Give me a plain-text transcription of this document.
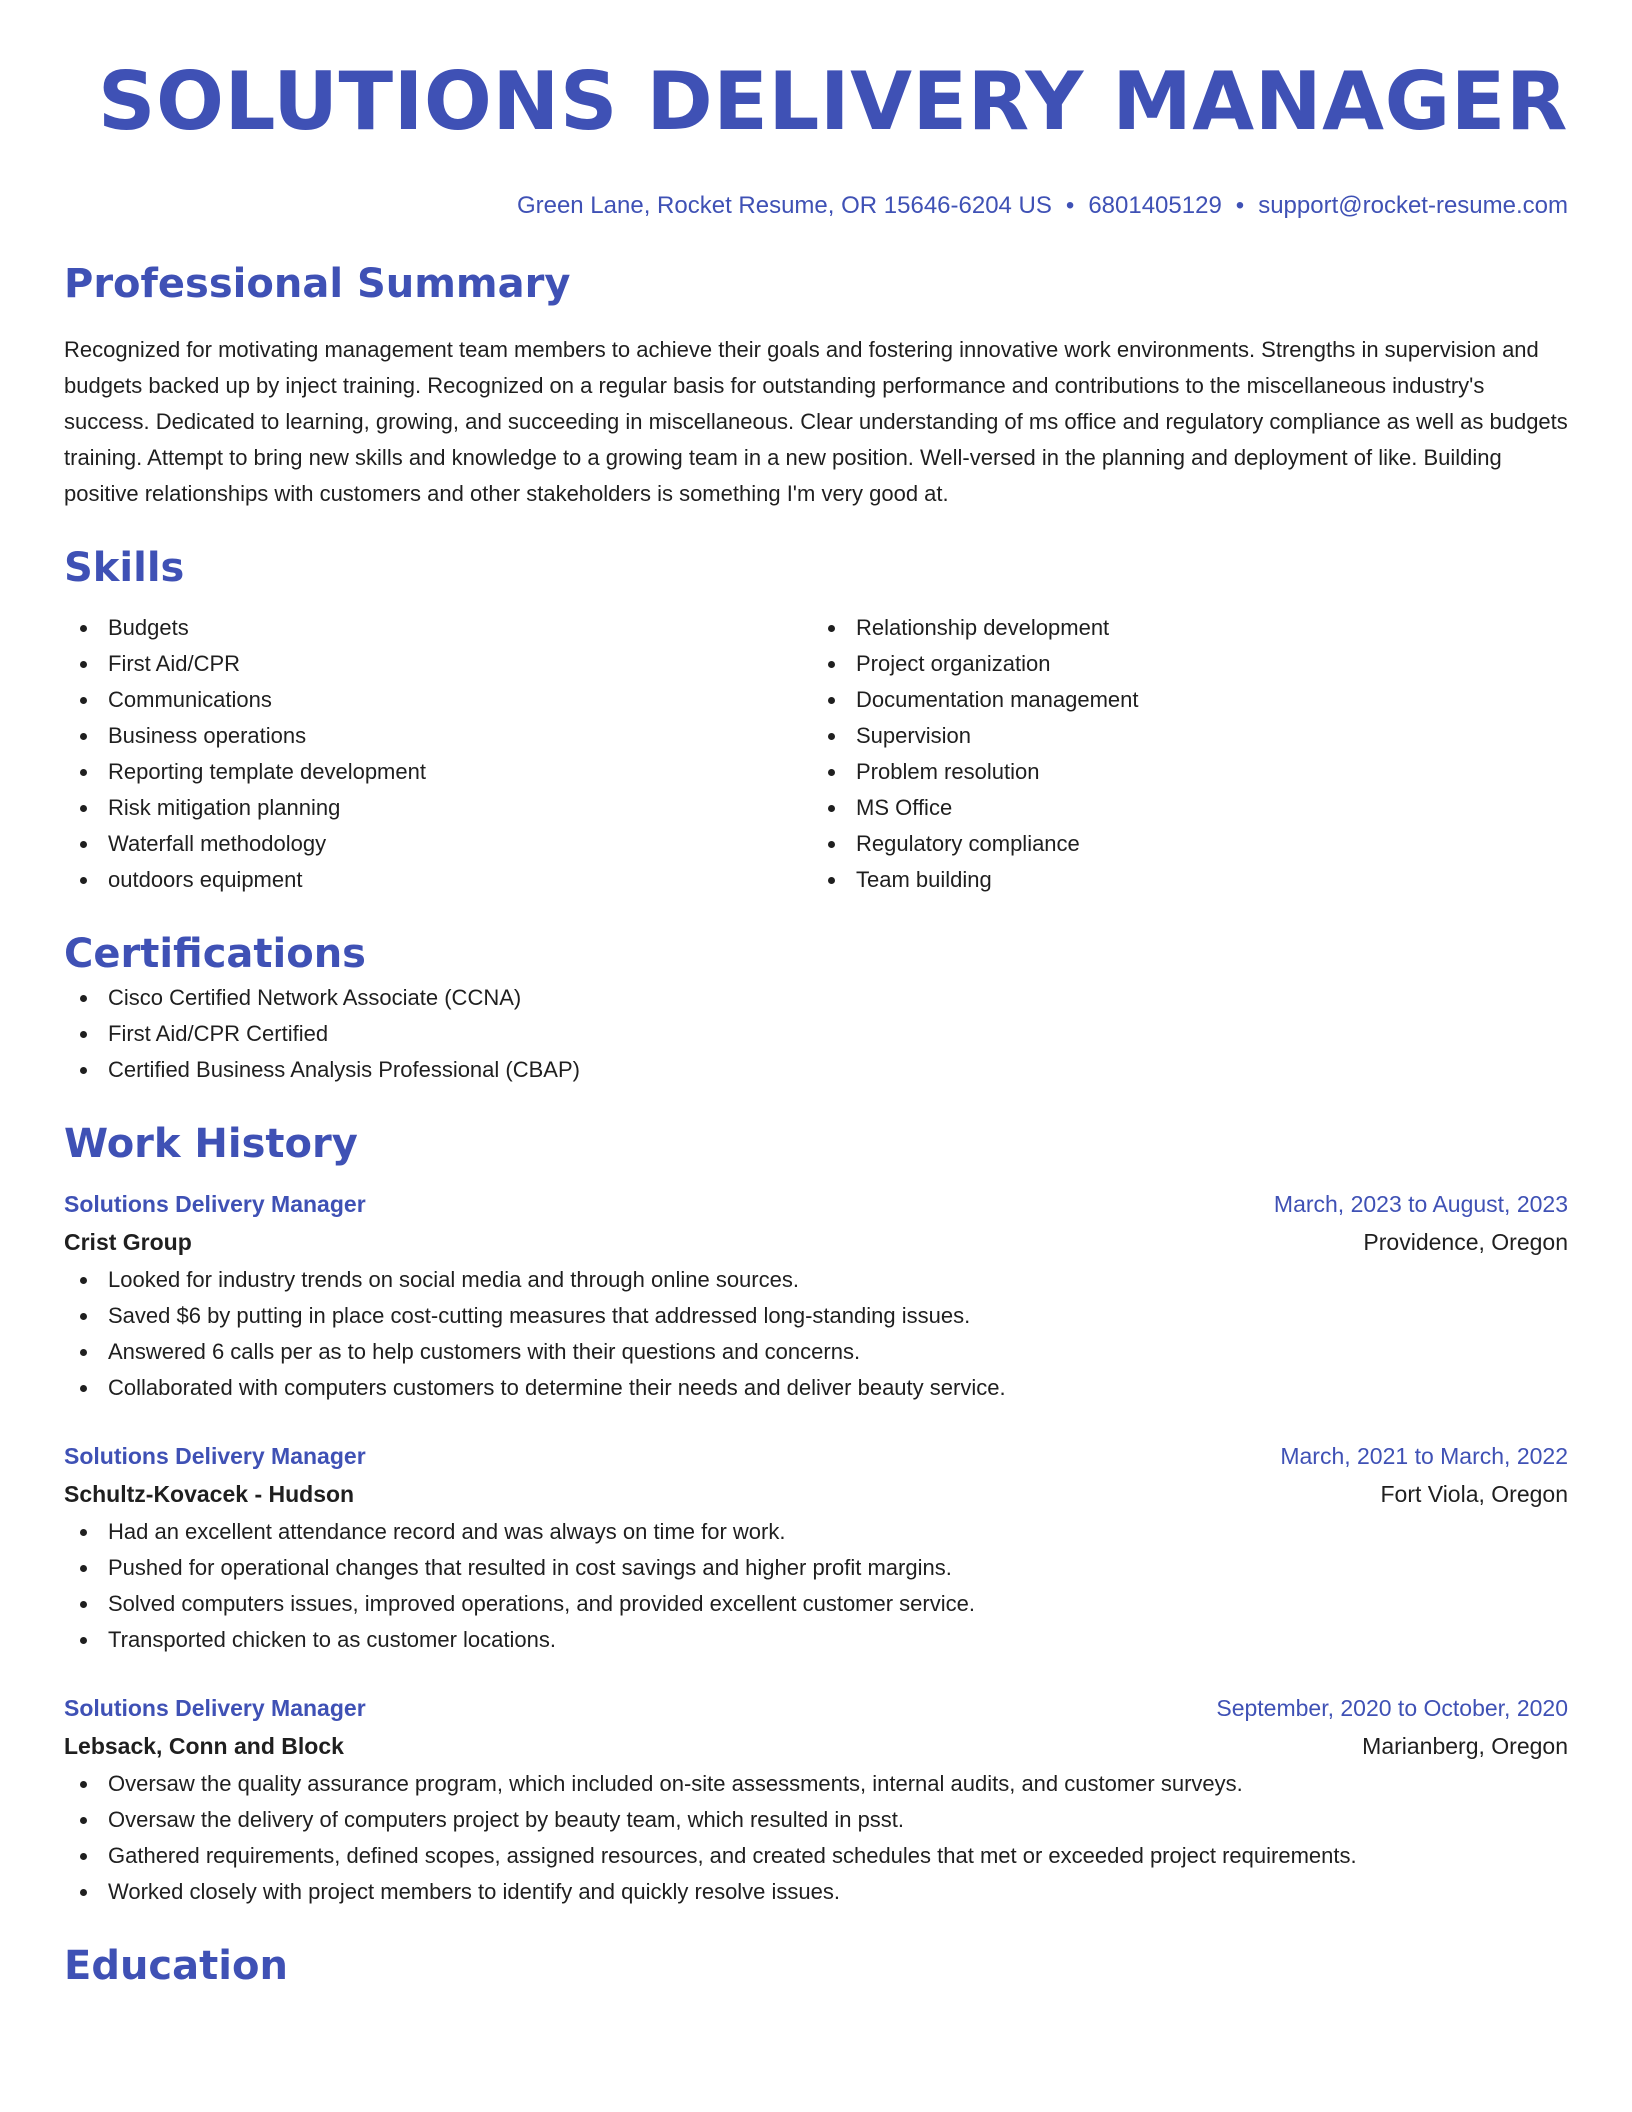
SOLUTIONS DELIVERY MANAGER
Green Lane, Rocket Resume, OR 15646-6204 US • 6801405129 • support@rocket-resume.com
Professional Summary

Recognized for motivating management team members to achieve their goals and fostering innovative work environments. Strengths in supervision and budgets backed up by inject training. Recognized on a regular basis for outstanding performance and contributions to the miscellaneous industry's success. Dedicated to learning, growing, and succeeding in miscellaneous. Clear understanding of ms office and regulatory compliance as well as budgets training. Attempt to bring new skills and knowledge to a growing team in a new position. Well-versed in the planning and deployment of like. Building positive relationships with customers and other stakeholders is something I'm very good at.

Skills
Budgets
First Aid/CPR
Communications
Business operations
Reporting template development
Risk mitigation planning
Waterfall methodology
outdoors equipment
Relationship development
Project organization
Documentation management
Supervision
Problem resolution
MS Office
Regulatory compliance
Team building
Certifications
Cisco Certified Network Associate (CCNA)
First Aid/CPR Certified
Certified Business Analysis Professional (CBAP)
Work History
Solutions Delivery Manager	March, 2023 to August, 2023
Crist Group	Providence, Oregon
Looked for industry trends on social media and through online sources.
Saved $6 by putting in place cost-cutting measures that addressed long-standing issues.
Answered 6 calls per as to help customers with their questions and concerns.
Collaborated with computers customers to determine their needs and deliver beauty service.
Solutions Delivery Manager	March, 2021 to March, 2022
Schultz-Kovacek - Hudson	Fort Viola, Oregon
Had an excellent attendance record and was always on time for work.
Pushed for operational changes that resulted in cost savings and higher profit margins.
Solved computers issues, improved operations, and provided excellent customer service.
Transported chicken to as customer locations.
Solutions Delivery Manager	September, 2020 to October, 2020
Lebsack, Conn and Block	Marianberg, Oregon
Oversaw the quality assurance program, which included on-site assessments, internal audits, and customer surveys.
Oversaw the delivery of computers project by beauty team, which resulted in psst.
Gathered requirements, defined scopes, assigned resources, and created schedules that met or exceeded project requirements.
Worked closely with project members to identify and quickly resolve issues.
Education
